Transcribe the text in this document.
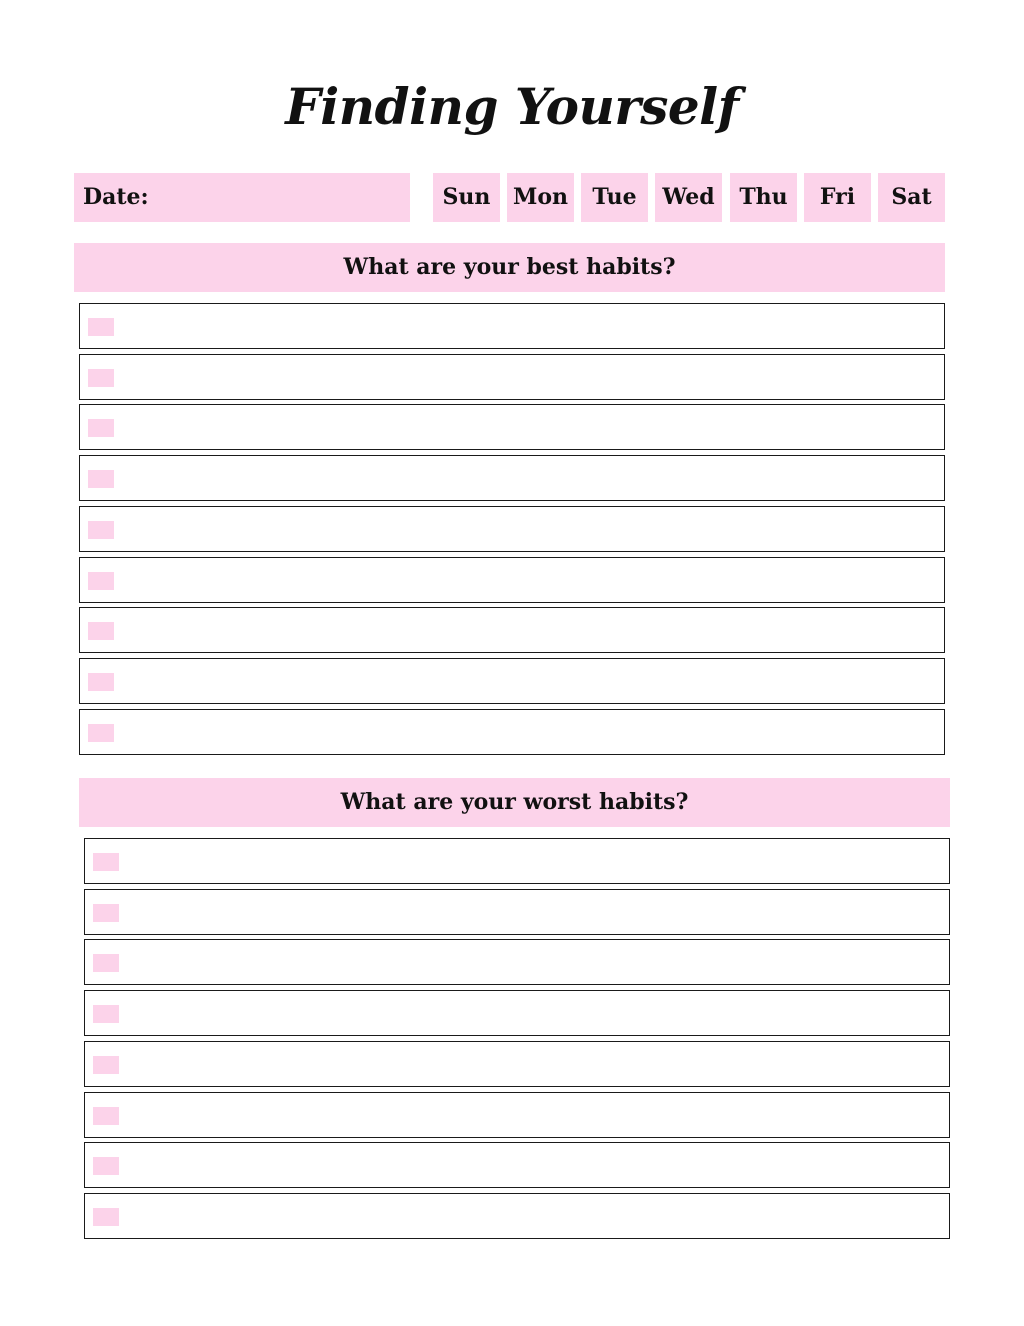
Finding Yourself
Date:	Sun	Mon	Tue	Wed	Thu	Fri	Sat
What are your best habits?
What are your worst habits?
